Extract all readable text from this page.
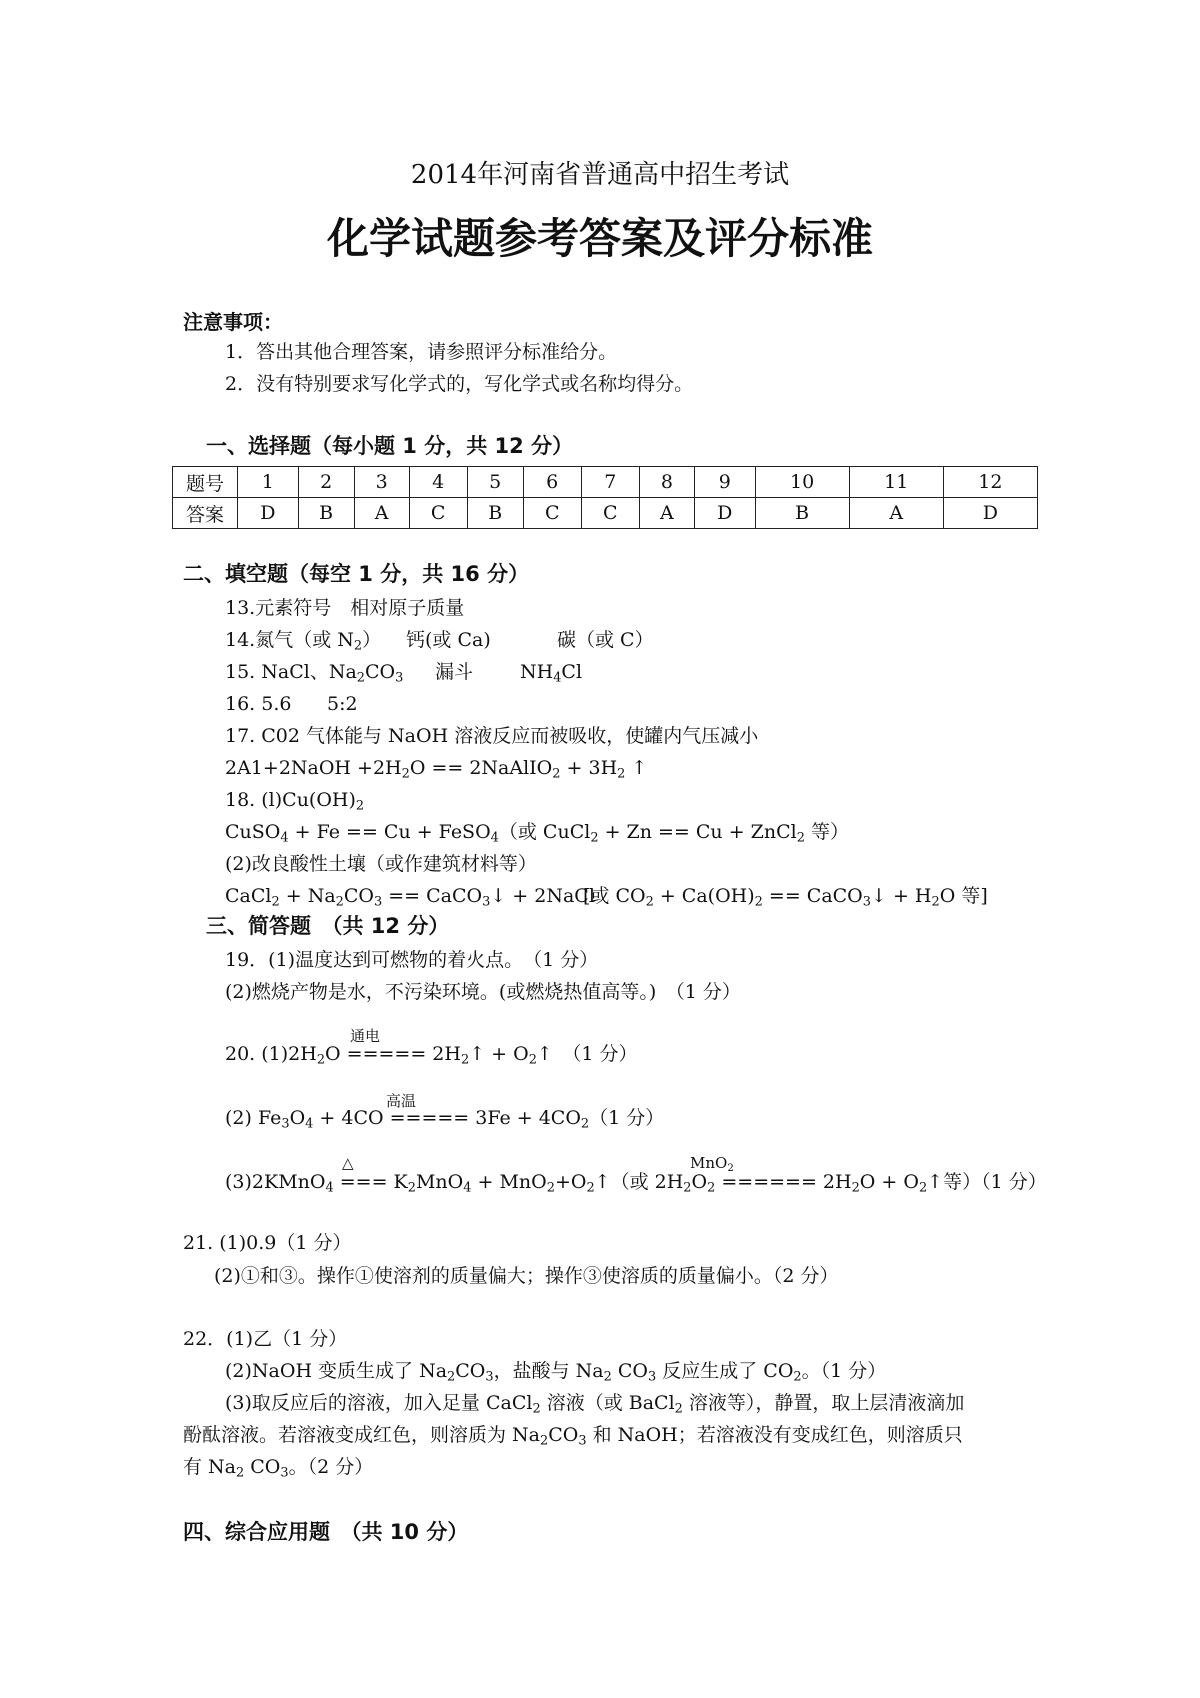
2014年河南省普通高中招生考试
化学试题参考答案及评分标准
注意事项：
1．答出其他合理答案，请参照评分标准给分。
2．没有特别要求写化学式的，写化学式或名称均得分。
一、选择题（每小题 1 分，共 12 分）
题号	1	2	3	4	5	6	7	8	9	10	11	12
答案	D	B	A	C	B	C	C	A	D	B	A	D
二、填空题（每空 1 分，共 16 分）
13.元素符号　相对原子质量
14.氮气（或 $N_2$） 钙(或 Ca)	碳（或 C）
15. NaCl、$Na_2CO_3$ 漏斗 $NH_4Cl$
16. 5.6 5:2
17. C02 气体能与 NaOH 溶液反应而被吸收，使罐内气压减小
2A1+2NaOH $+2H_2O$ == 2NaAlIO$_2$ + $3H_2$ ↑
18. $(l)Cu(OH)_2$
CuSO$_4$ + Fe == Cu + FeSO$_4$（或 CuCl$_2$ + Zn == Cu + ZnCl$_2$ 等）
(2)改良酸性土壤（或作建筑材料等）
CaCl$_2$ + $Na_2CO_3$ == CaCO$_3$↓ + 2NaCl
[或 $CO_2 + Ca(OH)_2$ == CaCO$_3$↓ + $H_2O$ 等]
三、简答题　（共 12 分）
19．(1)温度达到可燃物的着火点。　（1 分）
(2)燃烧产物是水，不污染环境。(或燃烧热值高等。)　（1 分）
通电
20. $(1)2H_2O$ ===== $2H_2↑$ + $O_2↑$　（1 分）
高温
(2) $Fe_3O_4 + 4CO$ ===== $3Fe + 4CO_2(1$ 分）
△	MnO$_2$
(3)2KMnO$_4$ === $K_2MnO_4$ + $MnO_2+O_2↑$（或 $2H_2O_2$ ====== $2H_2O$ + $O_2↑$等）（1 分）
21. (1)0.9（1 分）
(2)①和③。操作①使溶剂的质量偏大；操作③使溶质的质量偏小。（2 分）
22．(1)乙（1 分）
(2)NaOH 变质生成了 $Na_2CO_3$，盐酸与 $Na_2$ $CO_3$ 反应生成了 $CO_2$。（1 分）
(3)取反应后的溶液，加入足量 CaCl$_2$ 溶液（或 BaCl$_2$ 溶液等），静置，取上层清液滴加
酚酞溶液。若溶液变成红色，则溶质为 $Na_2CO_3$ 和 NaOH；若溶液没有变成红色，则溶质只
有 $Na_2$ $CO_3$。（2 分）
四、综合应用题　（共 10 分）
